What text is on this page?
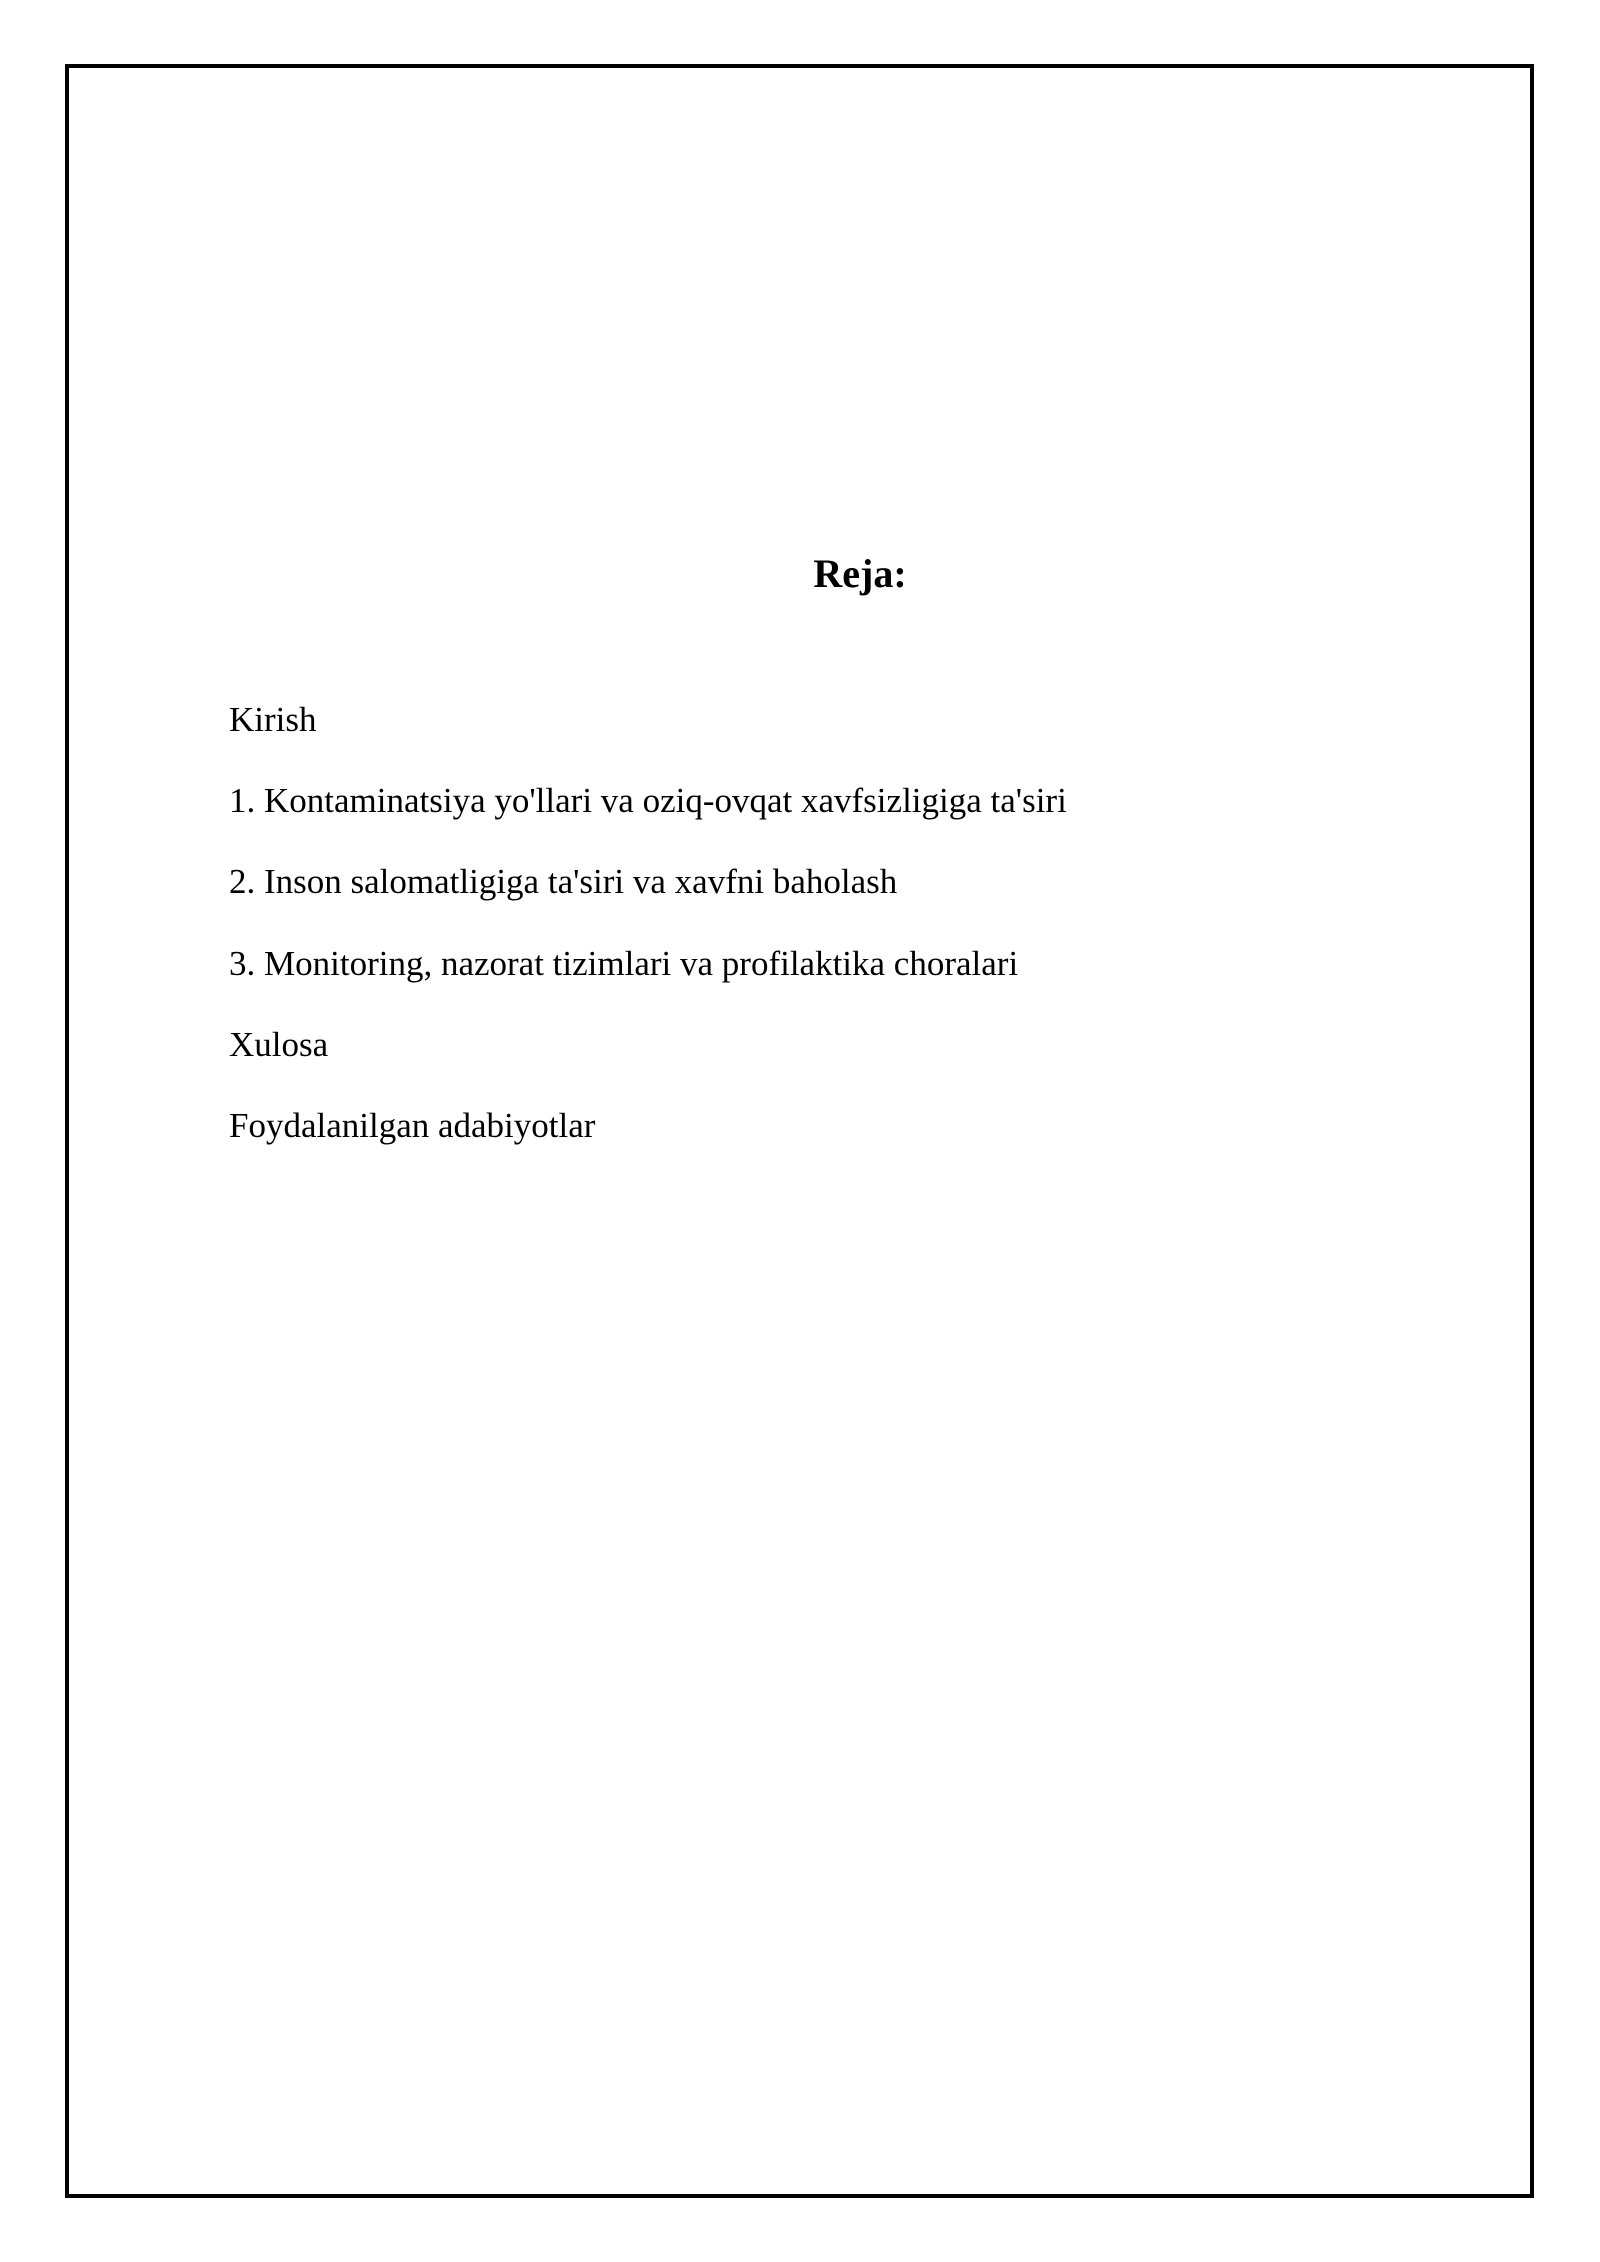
Reja:
Kirish
1. Kontaminatsiya yo'llari va oziq-ovqat xavfsizligiga ta'siri
2. Inson salomatligiga ta'siri va xavfni baholash
3. Monitoring, nazorat tizimlari va profilaktika choralari
Xulosa
Foydalanilgan adabiyotlar
